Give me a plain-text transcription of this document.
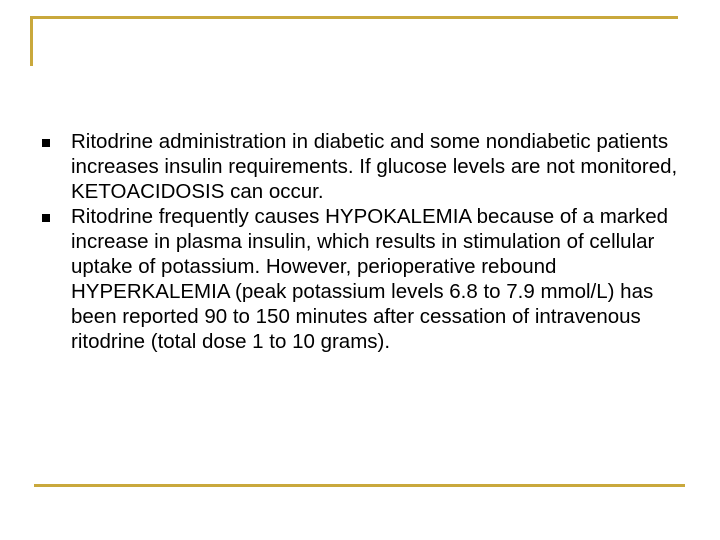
Ritodrine administration in diabetic and some nondiabetic patients increases insulin requirements. If glucose levels are not monitored, KETOACIDOSIS can occur.
Ritodrine frequently causes HYPOKALEMIA because of a marked increase in plasma insulin, which results in stimulation of cellular uptake of potassium. However, perioperative rebound HYPERKALEMIA (peak potassium levels 6.8 to 7.9 mmol/L) has been reported 90 to 150 minutes after cessation of intravenous ritodrine (total dose 1 to 10 grams).
